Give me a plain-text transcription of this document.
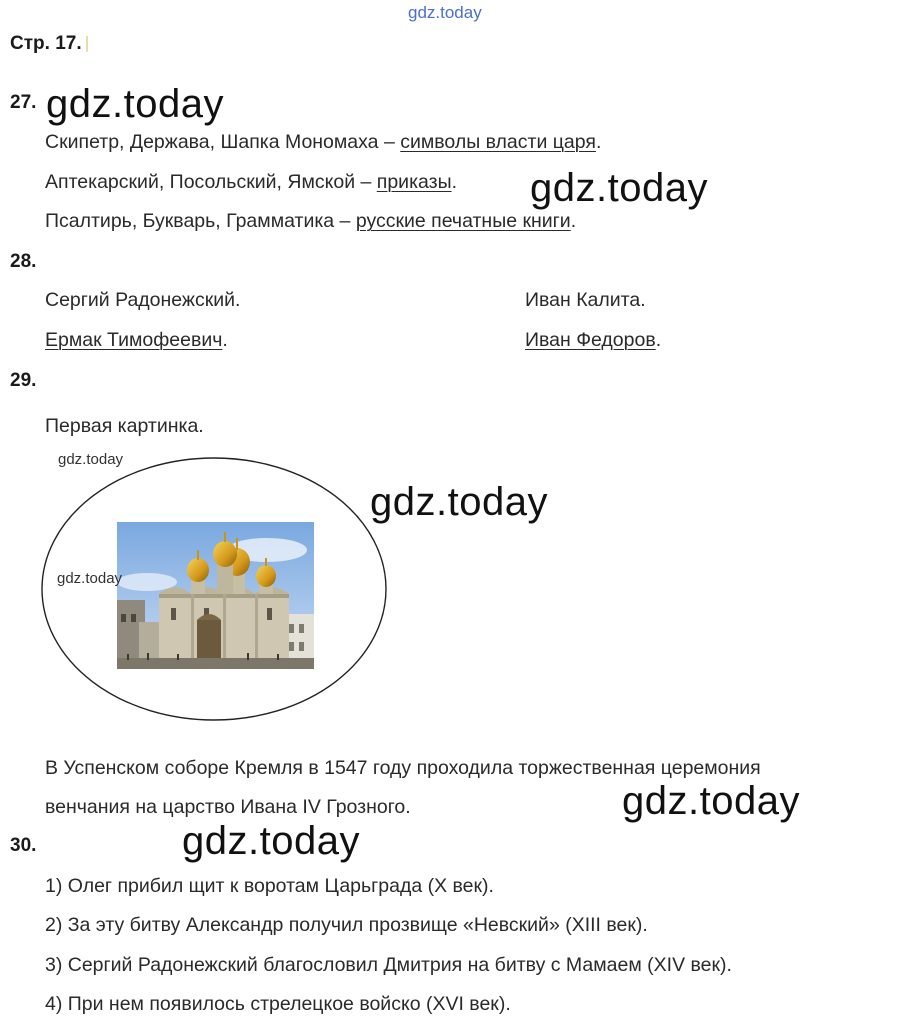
gdz.today
Стр. 17.
27. gdz.today
Скипетр, Держава, Шапка Мономаха – символы власти царя.
Аптекарский, Посольский, Ямской – приказы. gdz.today
Псалтирь, Букварь, Грамматика – русские печатные книги.
28.
Сергий Радонежский.	Иван Калита.
Ермак Тимофеевич.	Иван Федоров.
29.
Первая картинка.
gdz.today
gdz.today
gdz.today
В Успенском соборе Кремля в 1547 году проходила торжественная церемония
венчания на царство Ивана IV Грозного.	gdz.today
30.	gdz.today
1) Олег прибил щит к воротам Царьграда (X век).
2) За эту битву Александр получил прозвище «Невский» (XIII век).
3) Сергий Радонежский благословил Дмитрия на битву с Мамаем (XIV век).
4) При нем появилось стрелецкое войско (XVI век).
